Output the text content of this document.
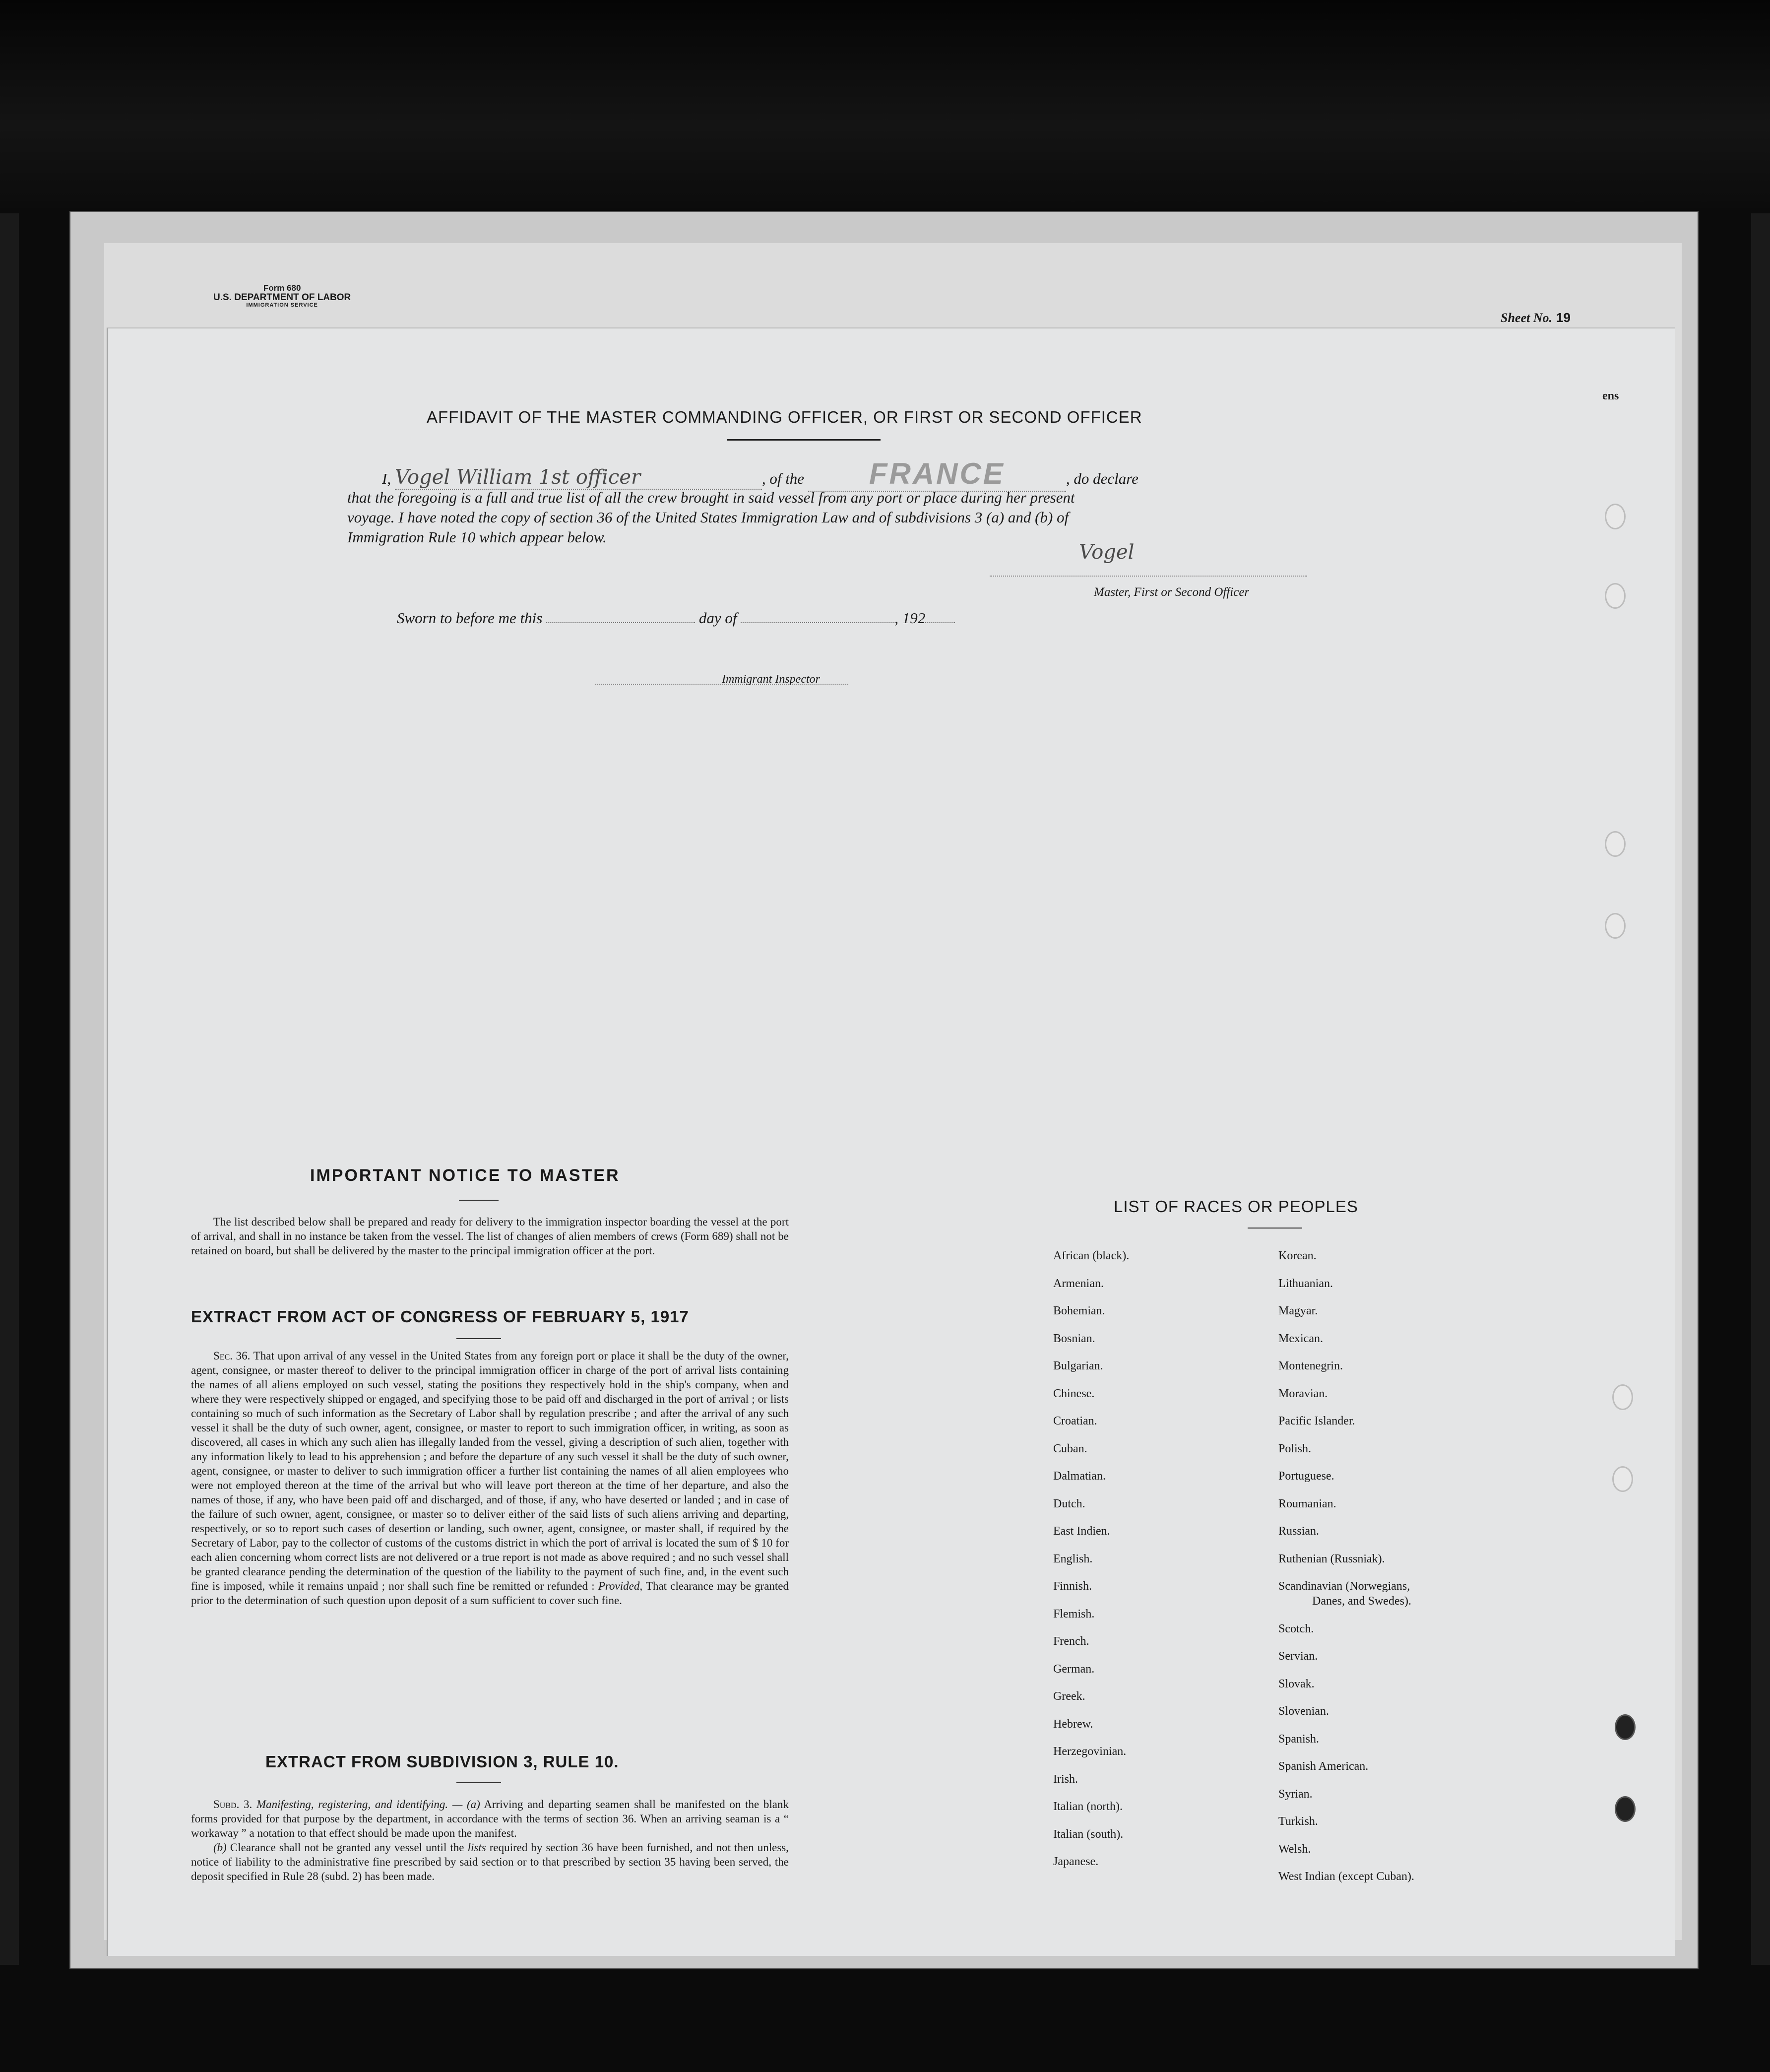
Form 680
U.S. DEPARTMENT OF LABOR
IMMIGRATION SERVICE
Sheet No. 19
ens
AFFIDAVIT OF THE MASTER COMMANDING OFFICER, OR FIRST OR SECOND OFFICER
I, Vogel William 1st officer	, of the FRANCE	, do declare
that the foregoing is a full and true list of all the crew brought in said vessel from any port or place during her present
voyage. I have noted the copy of section 36 of the United States Immigration Law and of subdivisions 3 (a) and (b) of
Immigration Rule 10 which appear below.
Vogel
Master, First or Second Officer
Sworn to before me this	day of	, 192
Immigrant Inspector
IMPORTANT NOTICE TO MASTER

The list described below shall be prepared and ready for delivery to the immigration inspector boarding the vessel at the port of arrival, and shall in no instance be taken from the vessel. The list of changes of alien members of crews (Form 689) shall not be retained on board, but shall be delivered by the master to the principal immigration officer at the port.

EXTRACT FROM ACT OF CONGRESS OF FEBRUARY 5, 1917

Sec. 36. That upon arrival of any vessel in the United States from any foreign port or place it shall be the duty of the owner, agent, consignee, or master thereof to deliver to the principal immigration officer in charge of the port of arrival lists containing the names of all aliens employed on such vessel, stating the positions they respectively hold in the ship's company, when and where they were respectively shipped or engaged, and specifying those to be paid off and discharged in the port of arrival ; or lists containing so much of such information as the Secretary of Labor shall by regulation prescribe ; and after the arrival of any such vessel it shall be the duty of such owner, agent, consignee, or master to report to such immigration officer, in writing, as soon as discovered, all cases in which any such alien has illegally landed from the vessel, giving a description of such alien, together with any information likely to lead to his apprehension ; and before the departure of any such vessel it shall be the duty of such owner, agent, consignee, or master to deliver to such immigration officer a further list containing the names of all alien employees who were not employed thereon at the time of the arrival but who will leave port thereon at the time of her departure, and also the names of those, if any, who have been paid off and discharged, and of those, if any, who have deserted or landed ; and in case of the failure of such owner, agent, consignee, or master so to deliver either of the said lists of such aliens arriving and departing, respectively, or so to report such cases of desertion or landing, such owner, agent, consignee, or master shall, if required by the Secretary of Labor, pay to the collector of customs of the customs district in which the port of arrival is located the sum of $ 10 for each alien concerning whom correct lists are not delivered or a true report is not made as above required ; and no such vessel shall be granted clearance pending the determination of the question of the liability to the payment of such fine, and, in the event such fine is imposed, while it remains unpaid ; nor shall such fine be remitted or refunded : Provided, That clearance may be granted prior to the determination of such question upon deposit of a sum sufficient to cover such fine.

EXTRACT FROM SUBDIVISION 3, RULE 10.

Subd. 3. Manifesting, registering, and identifying. — (a) Arriving and departing seamen shall be manifested on the blank forms provided for that purpose by the department, in accordance with the terms of section 36. When an arriving seaman is a “ workaway ” a notation to that effect should be made upon the manifest.

(b) Clearance shall not be granted any vessel until the lists required by section 36 have been furnished, and not then unless, notice of liability to the administrative fine prescribed by said section or to that prescribed by section 35 having been served, the deposit specified in Rule 28 (subd. 2) has been made.

LIST OF RACES OR PEOPLES
African (black).
Armenian.
Bohemian.
Bosnian.
Bulgarian.
Chinese.
Croatian.
Cuban.
Dalmatian.
Dutch.
East Indien.
English.
Finnish.
Flemish.
French.
German.
Greek.
Hebrew.
Herzegovinian.
Irish.
Italian (north).
Italian (south).
Japanese.
Korean.
Lithuanian.
Magyar.
Mexican.
Montenegrin.
Moravian.
Pacific Islander.
Polish.
Portuguese.
Roumanian.
Russian.
Ruthenian (Russniak).
Scandinavian (Norwegians,
Danes, and Swedes).
Scotch.
Servian.
Slovak.
Slovenian.
Spanish.
Spanish American.
Syrian.
Turkish.
Welsh.
West Indian (except Cuban).
